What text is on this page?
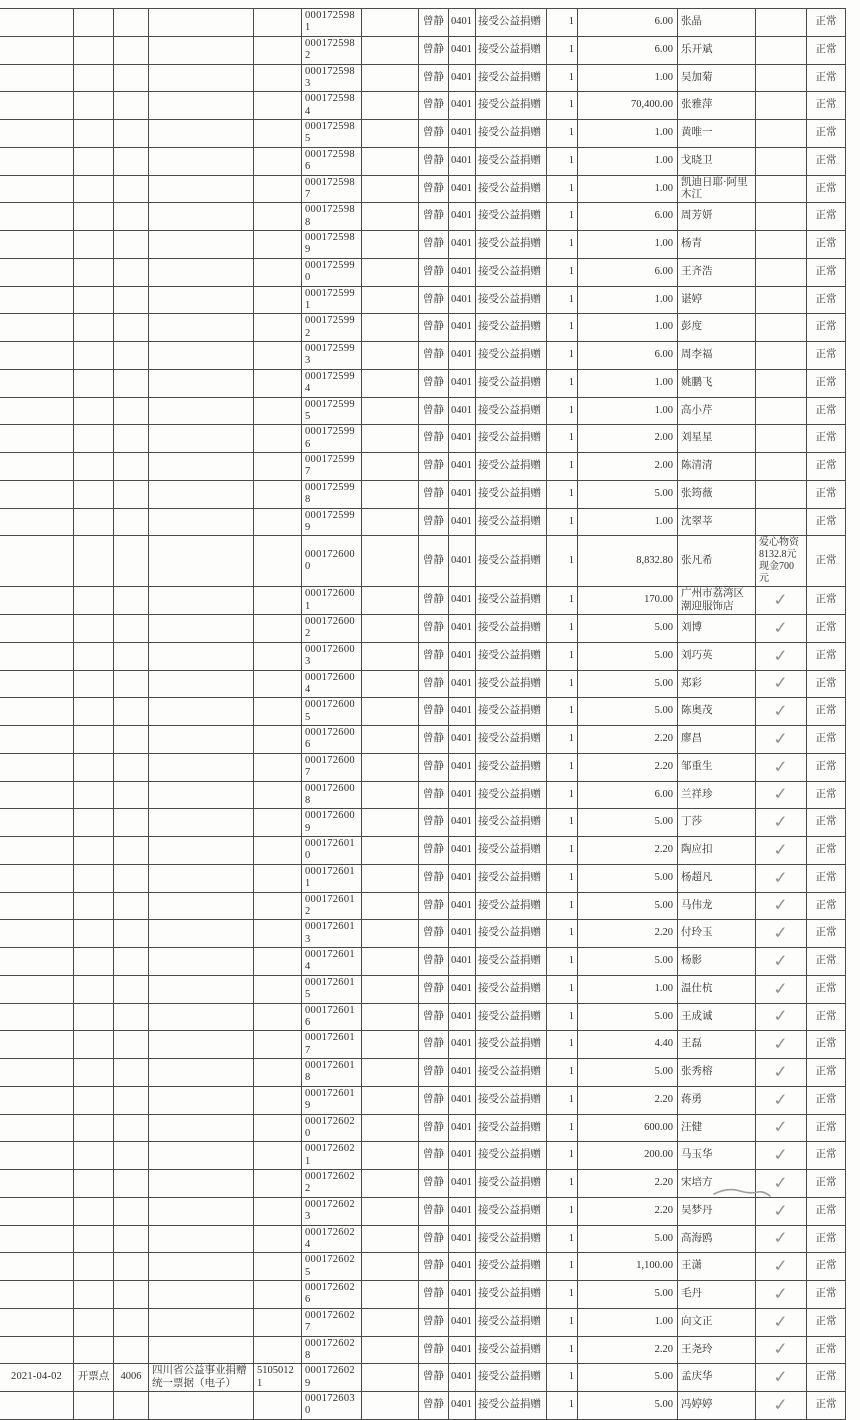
					0001725981		曾静	0401	接受公益捐赠	1	6.00	张晶		正常
					0001725982		曾静	0401	接受公益捐赠	1	6.00	乐开斌		正常
					0001725983		曾静	0401	接受公益捐赠	1	1.00	吴加菊		正常
					0001725984		曾静	0401	接受公益捐赠	1	70,400.00	张雅萍		正常
					0001725985		曾静	0401	接受公益捐赠	1	1.00	黄唯一		正常
					0001725986		曾静	0401	接受公益捐赠	1	1.00	戈晓卫		正常
					0001725987		曾静	0401	接受公益捐赠	1	1.00	凯迪日耶·阿里木江		正常
					0001725988		曾静	0401	接受公益捐赠	1	6.00	周芳妍		正常
					0001725989		曾静	0401	接受公益捐赠	1	1.00	杨青		正常
					0001725990		曾静	0401	接受公益捐赠	1	6.00	王齐浩		正常
					0001725991		曾静	0401	接受公益捐赠	1	1.00	谌婷		正常
					0001725992		曾静	0401	接受公益捐赠	1	1.00	彭度		正常
					0001725993		曾静	0401	接受公益捐赠	1	6.00	周李福		正常
					0001725994		曾静	0401	接受公益捐赠	1	1.00	姚鹏飞		正常
					0001725995		曾静	0401	接受公益捐赠	1	1.00	高小芹		正常
					0001725996		曾静	0401	接受公益捐赠	1	2.00	刘星星		正常
					0001725997		曾静	0401	接受公益捐赠	1	2.00	陈清清		正常
					0001725998		曾静	0401	接受公益捐赠	1	5.00	张筠薇		正常
					0001725999		曾静	0401	接受公益捐赠	1	1.00	沈翠莘		正常
					0001726000		曾静	0401	接受公益捐赠	1	8,832.80	张凡希	爱心物资8132.8元现金700元	正常
					0001726001		曾静	0401	接受公益捐赠	1	170.00	广州市荔湾区潮迎服饰店	✓	正常
					0001726002		曾静	0401	接受公益捐赠	1	5.00	刘博	✓	正常
					0001726003		曾静	0401	接受公益捐赠	1	5.00	刘巧英	✓	正常
					0001726004		曾静	0401	接受公益捐赠	1	5.00	郑彩	✓	正常
					0001726005		曾静	0401	接受公益捐赠	1	5.00	陈奥茂	✓	正常
					0001726006		曾静	0401	接受公益捐赠	1	2.20	廖昌	✓	正常
					0001726007		曾静	0401	接受公益捐赠	1	2.20	邹重生	✓	正常
					0001726008		曾静	0401	接受公益捐赠	1	6.00	兰祥珍	✓	正常
					0001726009		曾静	0401	接受公益捐赠	1	5.00	丁莎	✓	正常
					0001726010		曾静	0401	接受公益捐赠	1	2.20	陶应扣	✓	正常
					0001726011		曾静	0401	接受公益捐赠	1	5.00	杨超凡	✓	正常
					0001726012		曾静	0401	接受公益捐赠	1	5.00	马伟龙	✓	正常
					0001726013		曾静	0401	接受公益捐赠	1	2.20	付玲玉	✓	正常
					0001726014		曾静	0401	接受公益捐赠	1	5.00	杨影	✓	正常
					0001726015		曾静	0401	接受公益捐赠	1	1.00	温仕杭	✓	正常
					0001726016		曾静	0401	接受公益捐赠	1	5.00	王成诚	✓	正常
					0001726017		曾静	0401	接受公益捐赠	1	4.40	王磊	✓	正常
					0001726018		曾静	0401	接受公益捐赠	1	5.00	张秀榕	✓	正常
					0001726019		曾静	0401	接受公益捐赠	1	2.20	蒋勇	✓	正常
					0001726020		曾静	0401	接受公益捐赠	1	600.00	汪健	✓	正常
					0001726021		曾静	0401	接受公益捐赠	1	200.00	马玉华	✓	正常
					0001726022		曾静	0401	接受公益捐赠	1	2.20	宋培方	✓	正常
					0001726023		曾静	0401	接受公益捐赠	1	2.20	吴梦丹	✓	正常
					0001726024		曾静	0401	接受公益捐赠	1	5.00	高海鸥	✓	正常
					0001726025		曾静	0401	接受公益捐赠	1	1,100.00	王潇	✓	正常
					0001726026		曾静	0401	接受公益捐赠	1	5.00	毛丹	✓	正常
					0001726027		曾静	0401	接受公益捐赠	1	1.00	向文正	✓	正常
					0001726028		曾静	0401	接受公益捐赠	1	2.20	王尧玲	✓	正常
2021-04-02	开票点	4006	四川省公益事业捐赠统一票据（电子）	51050121	0001726029		曾静	0401	接受公益捐赠	1	5.00	孟庆华	✓	正常
					0001726030		曾静	0401	接受公益捐赠	1	5.00	冯婷婷	✓	正常
